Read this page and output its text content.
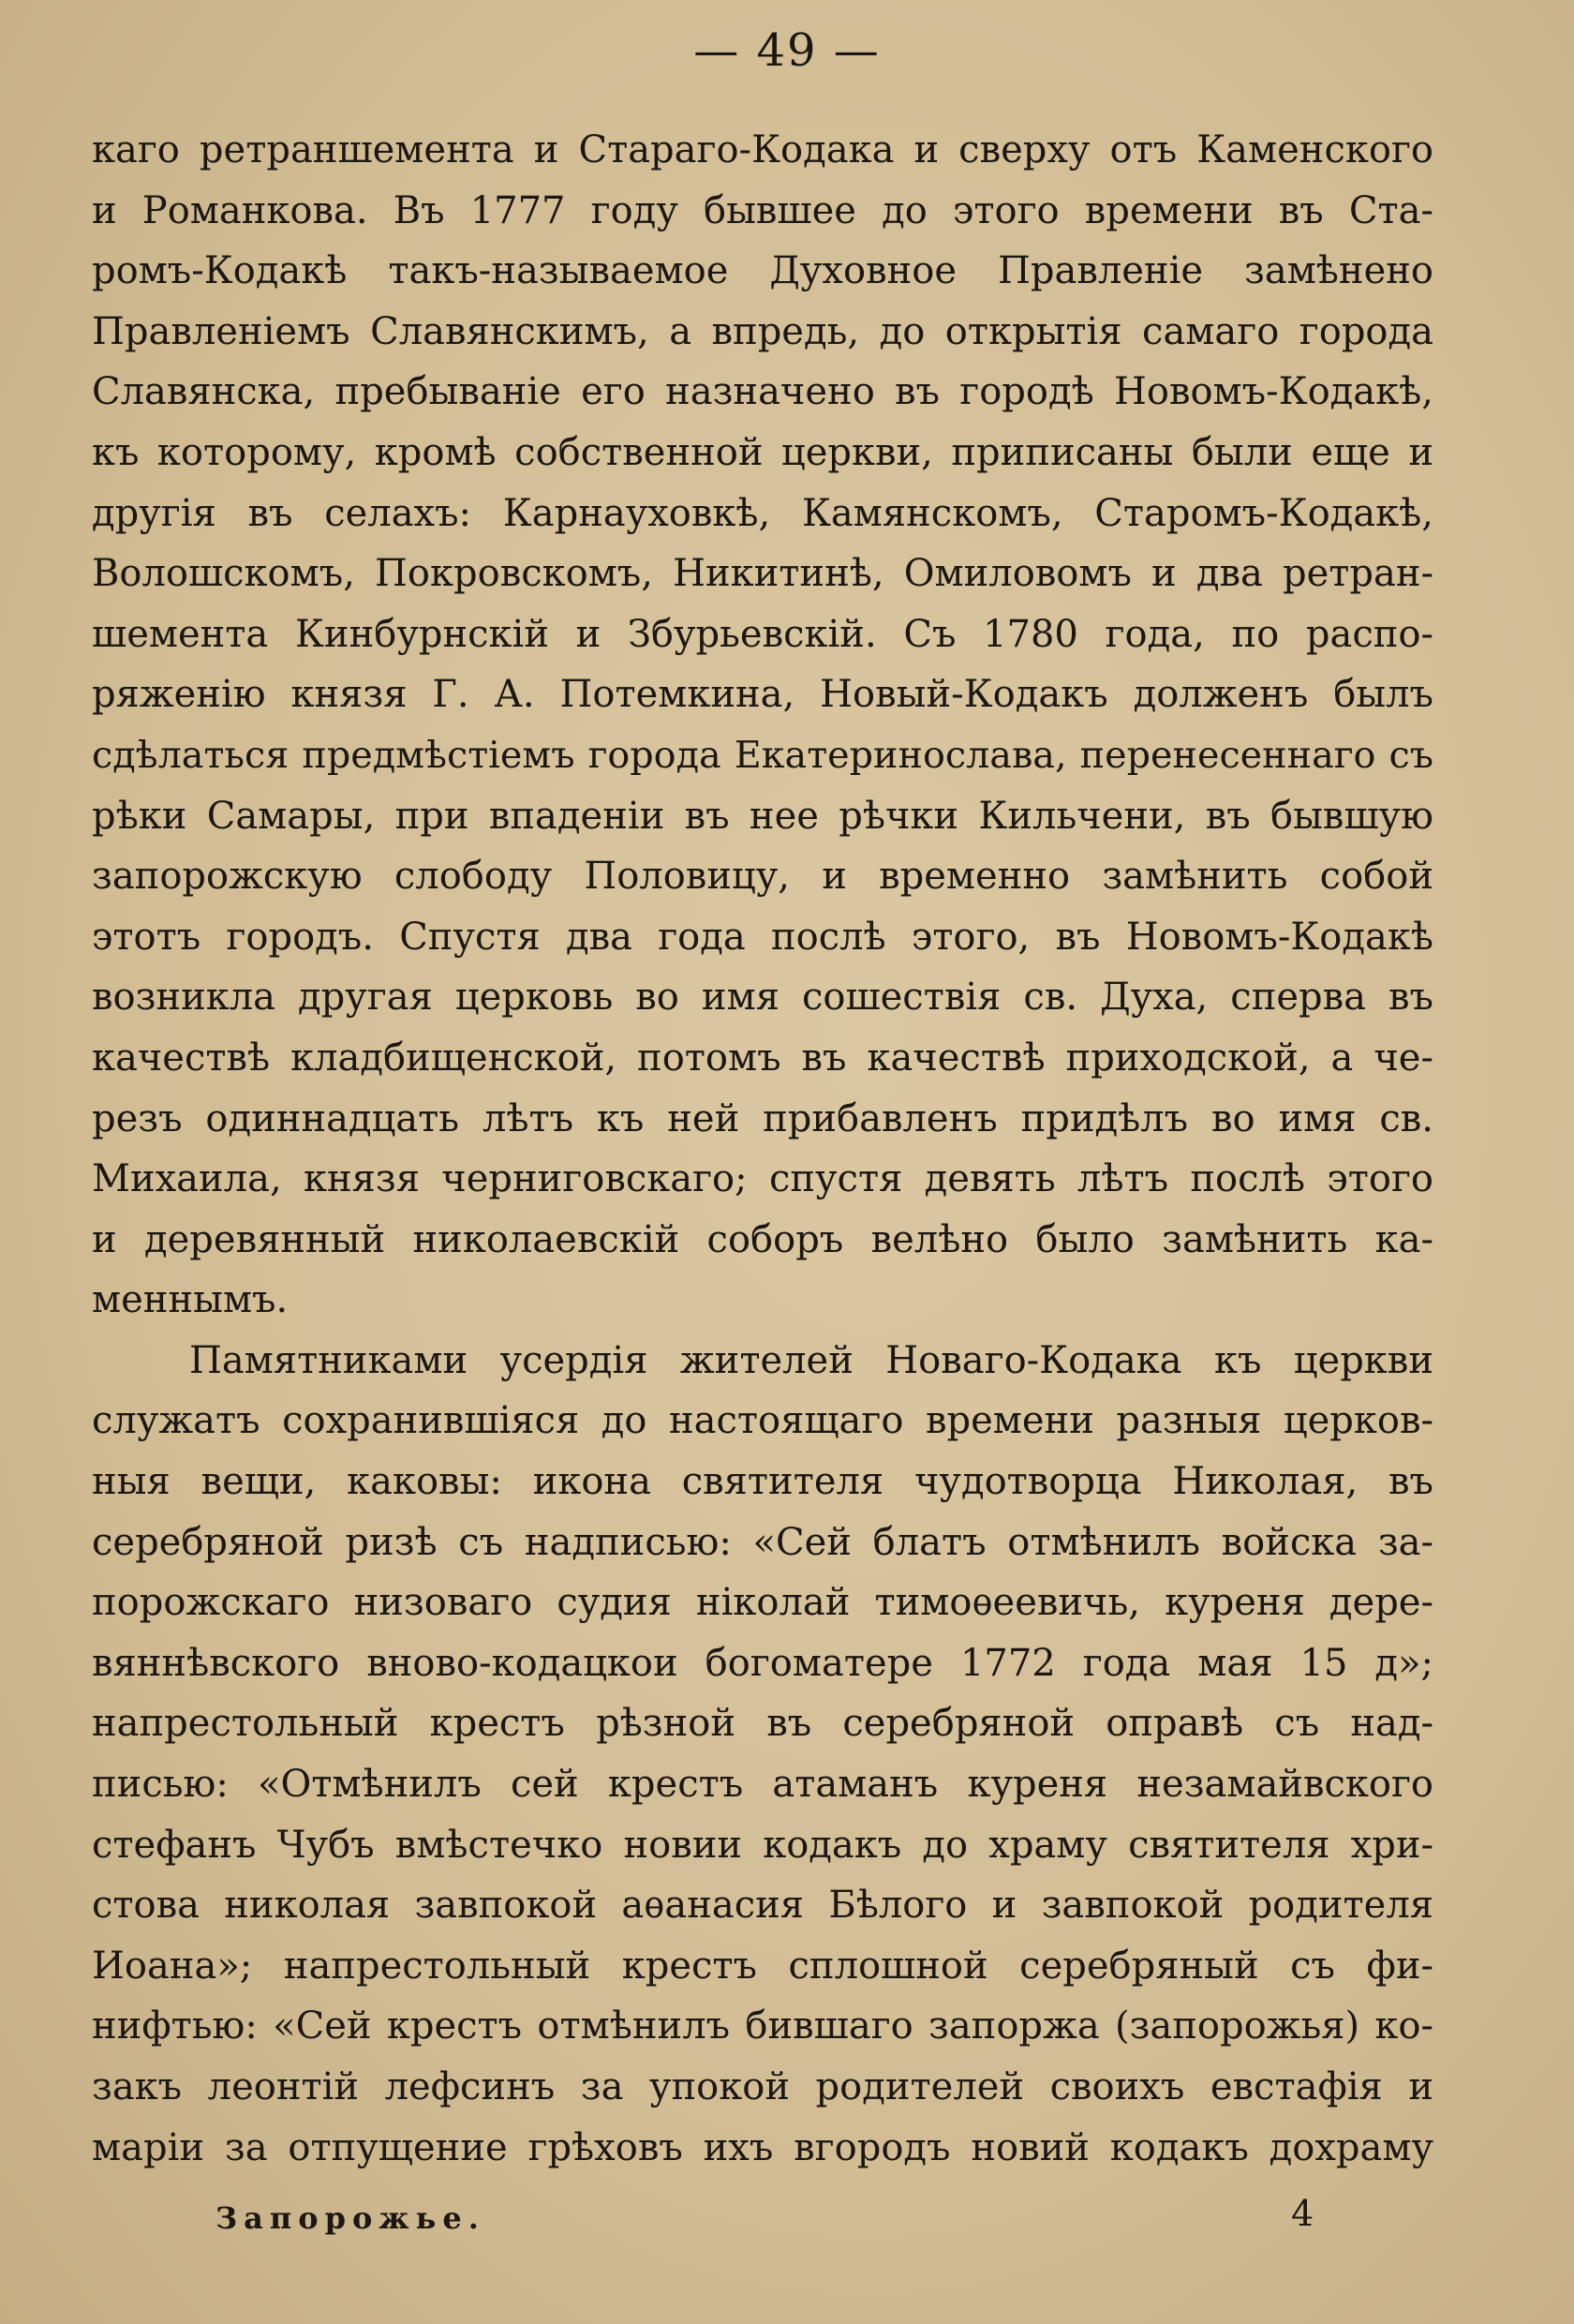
— 49 —
каго ретраншемента и Стараго-Кодака и сверху отъ Каменского
и Романкова. Въ 1777 году бывшее до этого времени въ Ста-
ромъ-Кодакѣ такъ-называемое Духовное Правленіе замѣнено
Правленіемъ Славянскимъ, а впредь, до открытія самаго города
Славянска, пребываніе его назначено въ городѣ Новомъ-Кодакѣ,
къ которому, кромѣ собственной церкви, приписаны были еще и
другія въ селахъ: Карнауховкѣ, Камянскомъ, Старомъ-Кодакѣ,
Волошскомъ, Покровскомъ, Никитинѣ, Омиловомъ и два ретран-
шемента Кинбурнскій и Збурьевскій. Съ 1780 года, по распо-
ряженію князя Г. А. Потемкина, Новый-Кодакъ долженъ былъ
сдѣлаться предмѣстіемъ города Екатеринослава, перенесеннаго съ
рѣки Самары, при впаденіи въ нее рѣчки Кильчени, въ бывшую
запорожскую слободу Половицу, и временно замѣнить собой
этотъ городъ. Спустя два года послѣ этого, въ Новомъ-Кодакѣ
возникла другая церковь во имя сошествія св. Духа, сперва въ
качествѣ кладбищенской, потомъ въ качествѣ приходской, а че-
резъ одиннадцать лѣтъ къ ней прибавленъ придѣлъ во имя св.
Михаила, князя черниговскаго; спустя девять лѣтъ послѣ этого
и деревянный николаевскій соборъ велѣно было замѣнить ка-
меннымъ.
Памятниками усердія жителей Новаго-Кодака къ церкви
служатъ сохранившіяся до настоящаго времени разныя церков-
ныя вещи, каковы: икона святителя чудотворца Николая, въ
серебряной ризѣ съ надписью: «Сей блатъ отмѣнилъ войска за-
порожскаго низоваго судия ніколай тимоѳеевичь, куреня дере-
вяннѣвского вново-кодацкои богоматере 1772 года мая 15 д»;
напрестольный крестъ рѣзной въ серебряной оправѣ съ над-
писью: «Отмѣнилъ сей крестъ атаманъ куреня незамайвского
стефанъ Чубъ вмѣстечко новии кодакъ до храму святителя хри-
стова николая завпокой аѳанасия Бѣлого и завпокой родителя
Иоана»; напрестольный крестъ сплошной серебряный съ фи-
нифтью: «Сей крестъ отмѣнилъ бившаго запоржа (запорожья) ко-
закъ леонтій лефсинъ за упокой родителей своихъ евстафія и
маріи за отпущение грѣховъ ихъ вгородъ новий кодакъ дохраму
Запорожье.	4
